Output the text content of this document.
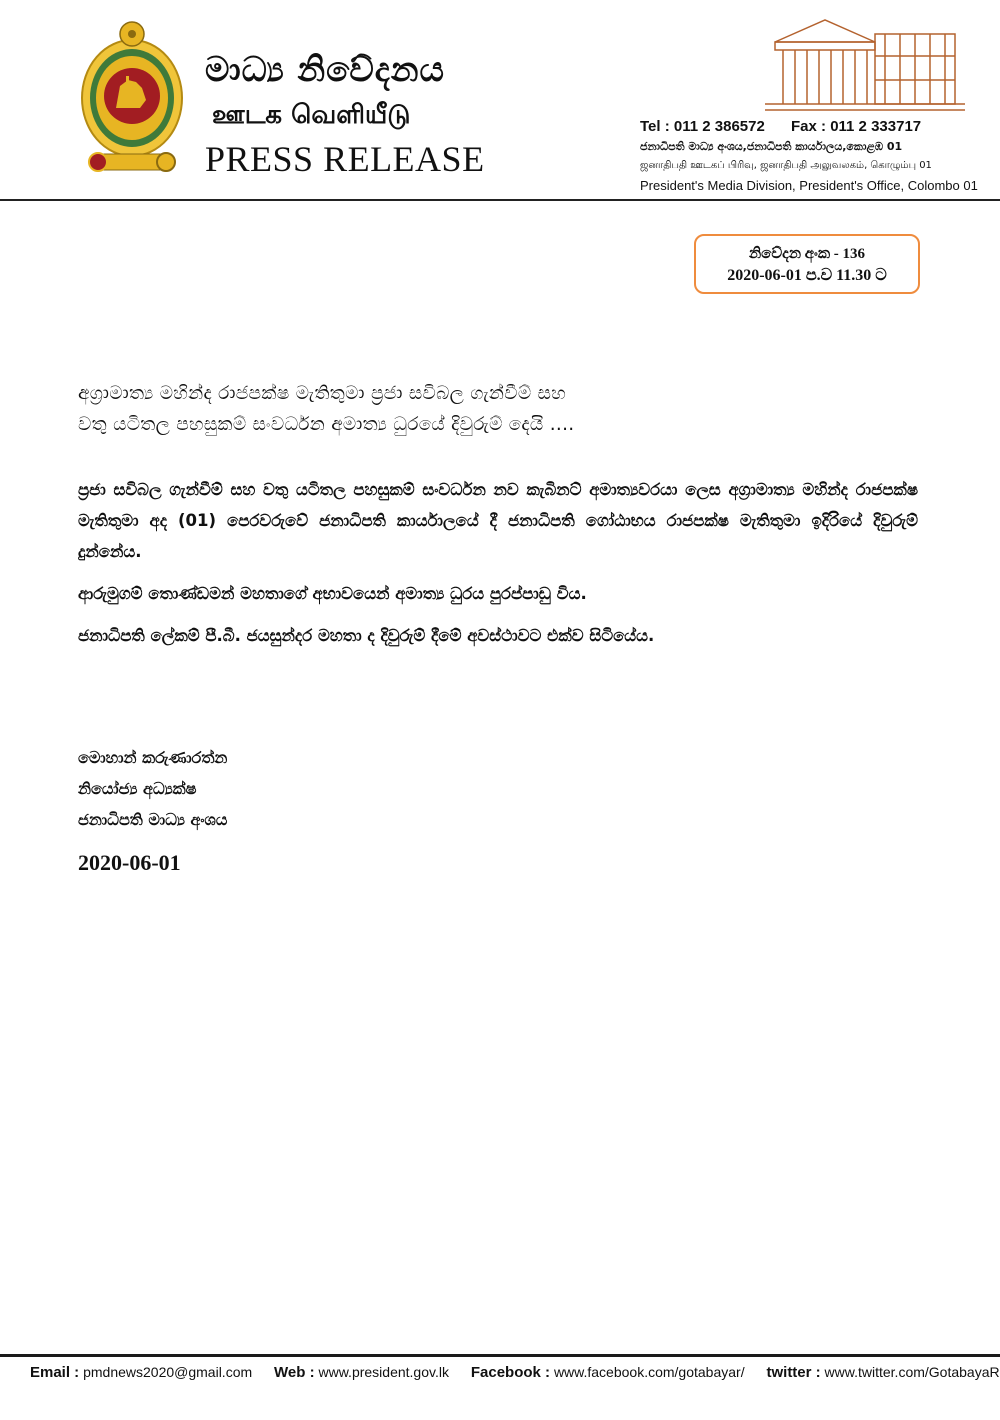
මාධ්‍ය නිවේදනය
ஊடக வெளியீடு
PRESS RELEASE
Tel : 011 2 386572 Fax : 011 2 333717
ජනාධිපති මාධ්‍ය අංශය,ජනාධිපති කාර්යාලය,කොළඹ 01
ஜனாதிபதி ஊடகப் பிரிவு, ஜனாதிபதி அலுவலகம், கொழும்பு 01
President's Media Division, President's Office, Colombo 01
නිවේදන අංක - 136
2020-06-01 ප.ව 11.30 ට
අග්‍රාමාත්‍ය මහින්ද රාජපක්ෂ මැතිතුමා ප්‍රජා සවිබල ගැන්වීම් සහ
වතු යටිතල පහසුකම් සංවර්ධන අමාත්‍ය ධුරයේ දිවුරුම් දෙයි ....
ප්‍රජා සවිබල ගැන්වීම් සහ වතු යටිතල පහසුකම් සංවර්ධන නව කැබිනට් අමාත්‍යවරයා ලෙස අග්‍රාමාත්‍ය මහින්ද රාජපක්ෂ මැතිතුමා අද (01) පෙරවරුවේ ජනාධිපති කාර්යාලයේ දී ජනාධිපති ගෝඨාභය රාජපක්ෂ මැතිතුමා ඉදිරියේ දිවුරුම් දුන්නේය.
ආරුමුගම් තොණ්ඩමන් මහතාගේ අභාවයෙන් අමාත්‍ය ධුරය පුරප්පාඩු විය.
ජනාධිපති ලේකම් පී.බී. ජයසුන්දර මහතා ද දිවුරුම් දීමේ අවස්ථාවට එක්ව සිටියේය.
මොහාන් කරුණාරත්න
නියෝජ්‍ය අධ්‍යක්ෂ
ජනාධිපති මාධ්‍ය අංශය
2020-06-01
Email : pmdnews2020@gmail.com Web : www.president.gov.lk Facebook : www.facebook.com/gotabayar/ twitter : www.twitter.com/GotabayaR
